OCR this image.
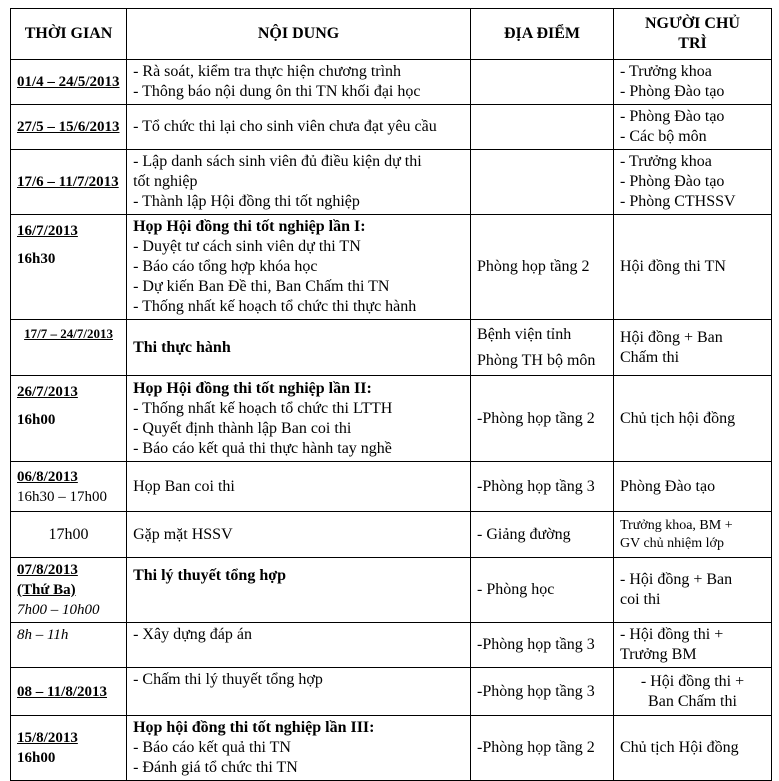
THỜI GIAN	NỘI DUNG	ĐỊA ĐIỂM	NGƯỜI CHỦ
TRÌ

01/4 – 24/5/2013	- Rà soát, kiểm tra thực hiện chương trình
- Thông báo nội dung ôn thi TN khối đại học		- Trưởng khoa
- Phòng Đào tạo

27/5 – 15/6/2013	- Tổ chức thi lại cho sinh viên chưa đạt yêu cầu		- Phòng Đào tạo
- Các bộ môn

17/6 – 11/7/2013	- Lập danh sách sinh viên đủ điều kiện dự thi
tốt nghiệp
- Thành lập Hội đồng thi tốt nghiệp		- Trưởng khoa
- Phòng Đào tạo
- Phòng CTHSSV

16/7/2013
16h30	Họp Hội đồng thi tốt nghiệp lần I:
- Duyệt tư cách sinh viên dự thi TN
- Báo cáo tổng hợp khóa học
- Dự kiến Ban Đề thi, Ban Chấm thi TN
- Thống nhất kế hoạch tổ chức thi thực hành	Phòng họp tầng 2	Hội đồng thi TN

17/7 – 24/7/2013	Thi thực hành	Bệnh viện tỉnh
Phòng TH bộ môn	Hội đồng + Ban
Chấm thi

26/7/2013
16h00	Họp Hội đồng thi tốt nghiệp lần II:
- Thống nhất kế hoạch tổ chức thi LTTH
- Quyết định thành lập Ban coi thi
- Báo cáo kết quả thi thực hành tay nghề	-Phòng họp tầng 2	Chủ tịch hội đồng

06/8/2013
16h30 – 17h00	Họp Ban coi thi	-Phòng họp tầng 3	Phòng Đào tạo

17h00	Gặp mặt HSSV	- Giảng đường	Trưởng khoa, BM +
GV chủ nhiệm lớp

07/8/2013
(Thứ Ba)
7h00 – 10h00	Thi lý thuyết tổng hợp	- Phòng học	- Hội đồng + Ban
coi thi

8h – 11h	- Xây dựng đáp án	-Phòng họp tầng 3	- Hội đồng thi +
Trưởng BM

08 – 11/8/2013	- Chấm thi lý thuyết tổng hợp	-Phòng họp tầng 3	- Hội đồng thi +
Ban Chấm thi

15/8/2013
16h00	Họp hội đồng thi tốt nghiệp lần III:
- Báo cáo kết quả thi TN
- Đánh giá tổ chức thi TN	-Phòng họp tầng 2	Chủ tịch Hội đồng
